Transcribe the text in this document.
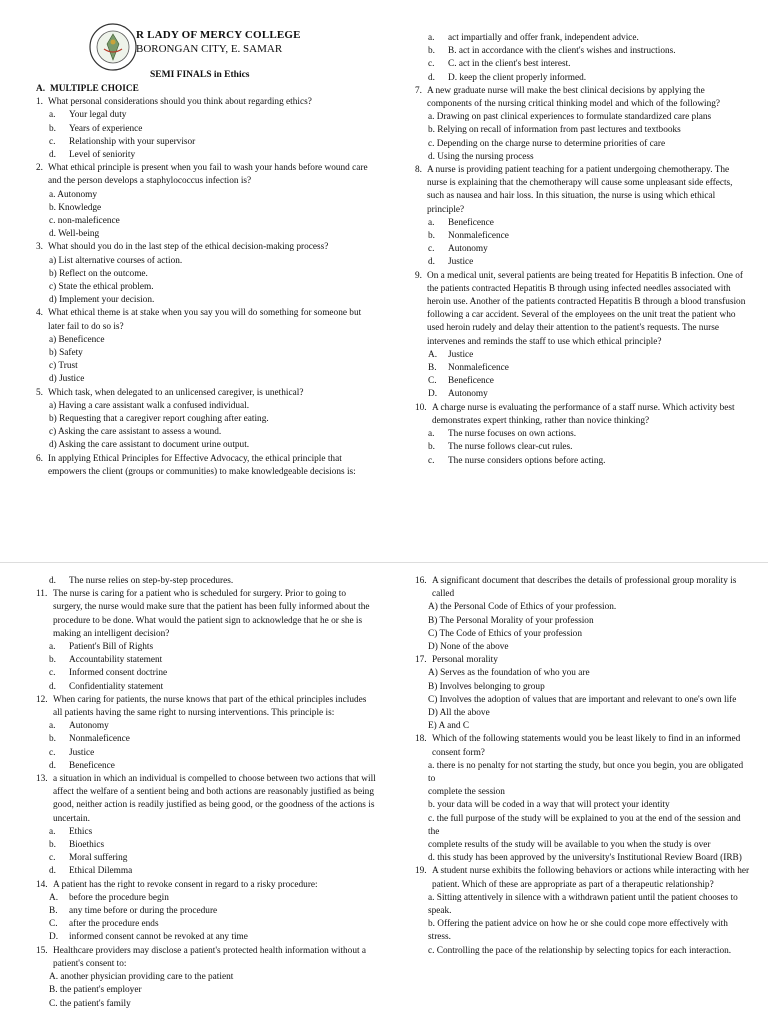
R LADY OF MERCY COLLEGE
BORONGAN CITY, E. SAMAR
SEMI FINALS in Ethics
A. MULTIPLE CHOICE
1. What personal considerations should you think about regarding ethics?
a.	Your legal duty
b.	Years of experience
c.	Relationship with your supervisor
d.	Level of seniority
2. What ethical principle is present when you fail to wash your hands before wound care and the person develops a staphylococcus infection is?
a. Autonomy
b. Knowledge
c. non-maleficence
d. Well-being
3. What should you do in the last step of the ethical decision-making process?
a) List alternative courses of action.
b) Reflect on the outcome.
c) State the ethical problem.
d) Implement your decision.
4. What ethical theme is at stake when you say you will do something for someone but later fail to do so is?
a) Beneficence
b) Safety
c) Trust
d) Justice
5. Which task, when delegated to an unlicensed caregiver, is unethical?
a) Having a care assistant walk a confused individual.
b) Requesting that a caregiver report coughing after eating.
c) Asking the care assistant to assess a wound.
d) Asking the care assistant to document urine output.
6. In applying Ethical Principles for Effective Advocacy, the ethical principle that empowers the client (groups or communities) to make knowledgeable decisions is:
a.	act impartially and offer frank, independent advice.
b.	B. act in accordance with the client's wishes and instructions.
c.	C. act in the client's best interest.
d.	D. keep the client properly informed.
7. A new graduate nurse will make the best clinical decisions by applying the components of the nursing critical thinking model and which of the following?
a. Drawing on past clinical experiences to formulate standardized care plans
b. Relying on recall of information from past lectures and textbooks
c. Depending on the charge nurse to determine priorities of care
d. Using the nursing process
8. A nurse is providing patient teaching for a patient undergoing chemotherapy. The nurse is explaining that the chemotherapy will cause some unpleasant side effects, such as nausea and hair loss. In this situation, the nurse is using which ethical principle?
a.	Beneficence
b.	Nonmaleficence
c.	Autonomy
d.	Justice
9. On a medical unit, several patients are being treated for Hepatitis B infection. One of the patients contracted Hepatitis B through using infected needles associated with heroin use. Another of the patients contracted Hepatitis B through a blood transfusion following a car accident. Several of the employees on the unit treat the patient who used heroin rudely and delay their attention to the patient's requests. The nurse intervenes and reminds the staff to use which ethical principle?
A.	Justice
B.	Nonmaleficence
C.	Beneficence
D.	Autonomy
10. A charge nurse is evaluating the performance of a staff nurse. Which activity best demonstrates expert thinking, rather than novice thinking?
a.	The nurse focuses on own actions.
b.	The nurse follows clear-cut rules.
c.	The nurse considers options before acting.
d.	The nurse relies on step-by-step procedures.
11. The nurse is caring for a patient who is scheduled for surgery. Prior to going to surgery, the nurse would make sure that the patient has been fully informed about the procedure to be done. What would the patient sign to acknowledge that he or she is making an intelligent decision?
a.	Patient's Bill of Rights
b.	Accountability statement
c.	Informed consent doctrine
d.	Confidentiality statement
12. When caring for patients, the nurse knows that part of the ethical principles includes all patients having the same right to nursing interventions. This principle is:
a.	Autonomy
b.	Nonmaleficence
c.	Justice
d.	Beneficence
13. a situation in which an individual is compelled to choose between two actions that will affect the welfare of a sentient being and both actions are reasonably justified as being good, neither action is readily justified as being good, or the goodness of the actions is uncertain.
a.	Ethics
b.	Bioethics
c.	Moral suffering
d.	Ethical Dilemma
14. A patient has the right to revoke consent in regard to a risky procedure:
A.	before the procedure begin
B.	any time before or during the procedure
C.	after the procedure ends
D.	informed consent cannot be revoked at any time
15. Healthcare providers may disclose a patient's protected health information without a patient's consent to:
A. another physician providing care to the patient
B. the patient's employer
C. the patient's family
16. A significant document that describes the details of professional group morality is called
A) the Personal Code of Ethics of your profession.
B) The Personal Morality of your profession
C) The Code of Ethics of your profession
D) None of the above
17. Personal morality
A) Serves as the foundation of who you are
B) Involves belonging to group
C) Involves the adoption of values that are important and relevant to one's own life
D) All the above
E) A and C
18. Which of the following statements would you be least likely to find in an informed consent form?
a. there is no penalty for not starting the study, but once you begin, you are obligated to
complete the session
b. your data will be coded in a way that will protect your identity
c. the full purpose of the study will be explained to you at the end of the session and the
complete results of the study will be available to you when the study is over
d. this study has been approved by the university's Institutional Review Board (IRB)
19. A student nurse exhibits the following behaviors or actions while interacting with her patient. Which of these are appropriate as part of a therapeutic relationship?
a. Sitting attentively in silence with a withdrawn patient until the patient chooses to speak.
b. Offering the patient advice on how he or she could cope more effectively with stress.
c. Controlling the pace of the relationship by selecting topics for each interaction.
